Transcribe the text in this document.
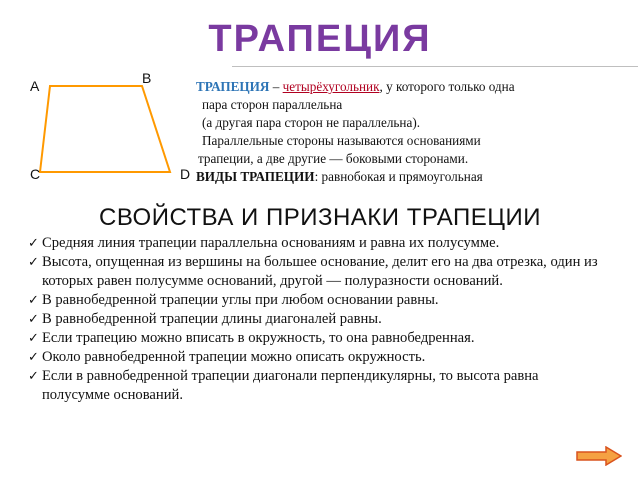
ТРАПЕЦИЯ
A	B
C	D
ТРАПЕЦИЯ – четырёхугольник, у которого только одна
пара сторон параллельна
(а другая пара сторон не параллельна).
Параллельные стороны называются основаниями
трапеции, а две другие — боковыми сторонами.
ВИДЫ ТРАПЕЦИИ: равнобокая и прямоугольная
СВОЙСТВА И ПРИЗНАКИ ТРАПЕЦИИ
✓ Средняя линия трапеции параллельна основаниям и равна их полусумме.
✓ Высота, опущенная из вершины на большее основание, делит его на два отрезка, один из которых равен полусумме оснований, другой — полуразности оснований.
✓ В равнобедренной трапеции углы при любом основании равны.
✓ В равнобедренной трапеции длины диагоналей равны.
✓ Если трапецию можно вписать в окружность, то она равнобедренная.
✓ Около равнобедренной трапеции можно описать окружность.
✓ Если в равнобедренной трапеции диагонали перпендикулярны, то высота равна полусумме оснований.
